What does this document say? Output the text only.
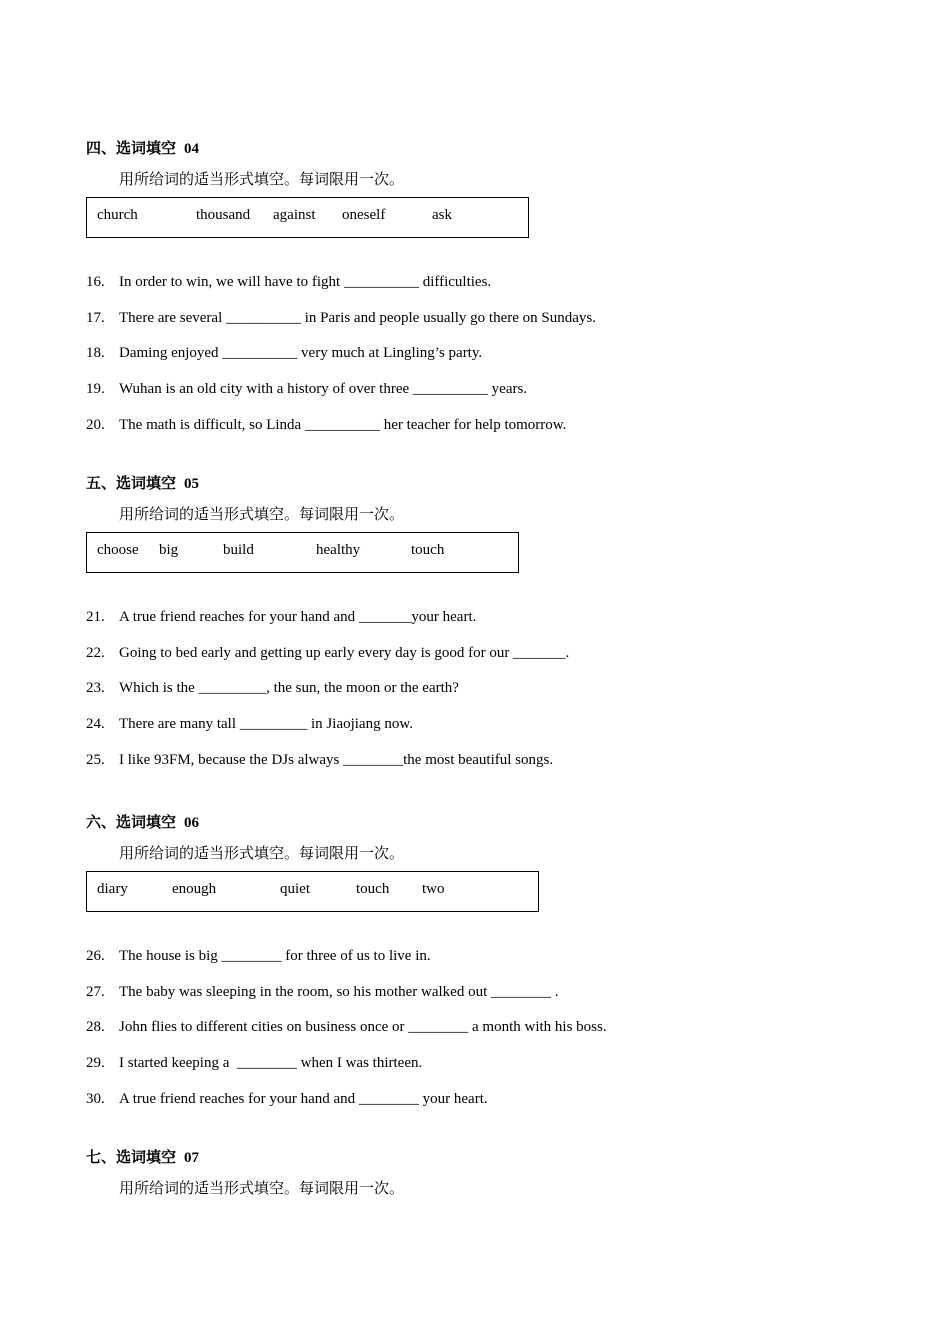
四、选词填空 04
用所给词的适当形式填空。每词限用一次。
church	thousand against oneself	ask
16. In order to win, we will have to fight __________ difficulties.
17. There are several __________ in Paris and people usually go there on Sundays.
18. Daming enjoyed __________ very much at Lingling’s party.
19. Wuhan is an old city with a history of over three __________ years.
20. The math is difficult, so Linda __________ her teacher for help tomorrow.
五、选词填空 05
用所给词的适当形式填空。每词限用一次。
choose big	build	healthy	touch
21. A true friend reaches for your hand and _______your heart.
22. Going to bed early and getting up early every day is good for our _______.
23. Which is the _________, the sun, the moon or the earth?
24. There are many tall _________ in Jiaojiang now.
25. I like 93FM, because the DJs always ________the most beautiful songs.
六、选词填空 06
用所给词的适当形式填空。每词限用一次。
diary	enough	quiet	touch two
26. The house is big ________ for three of us to live in.
27. The baby was sleeping in the room, so his mother walked out ________ .
28. John flies to different cities on business once or ________ a month with his boss.
29. I started keeping a  ________ when I was thirteen.
30. A true friend reaches for your hand and ________ your heart.
七、选词填空 07
用所给词的适当形式填空。每词限用一次。
